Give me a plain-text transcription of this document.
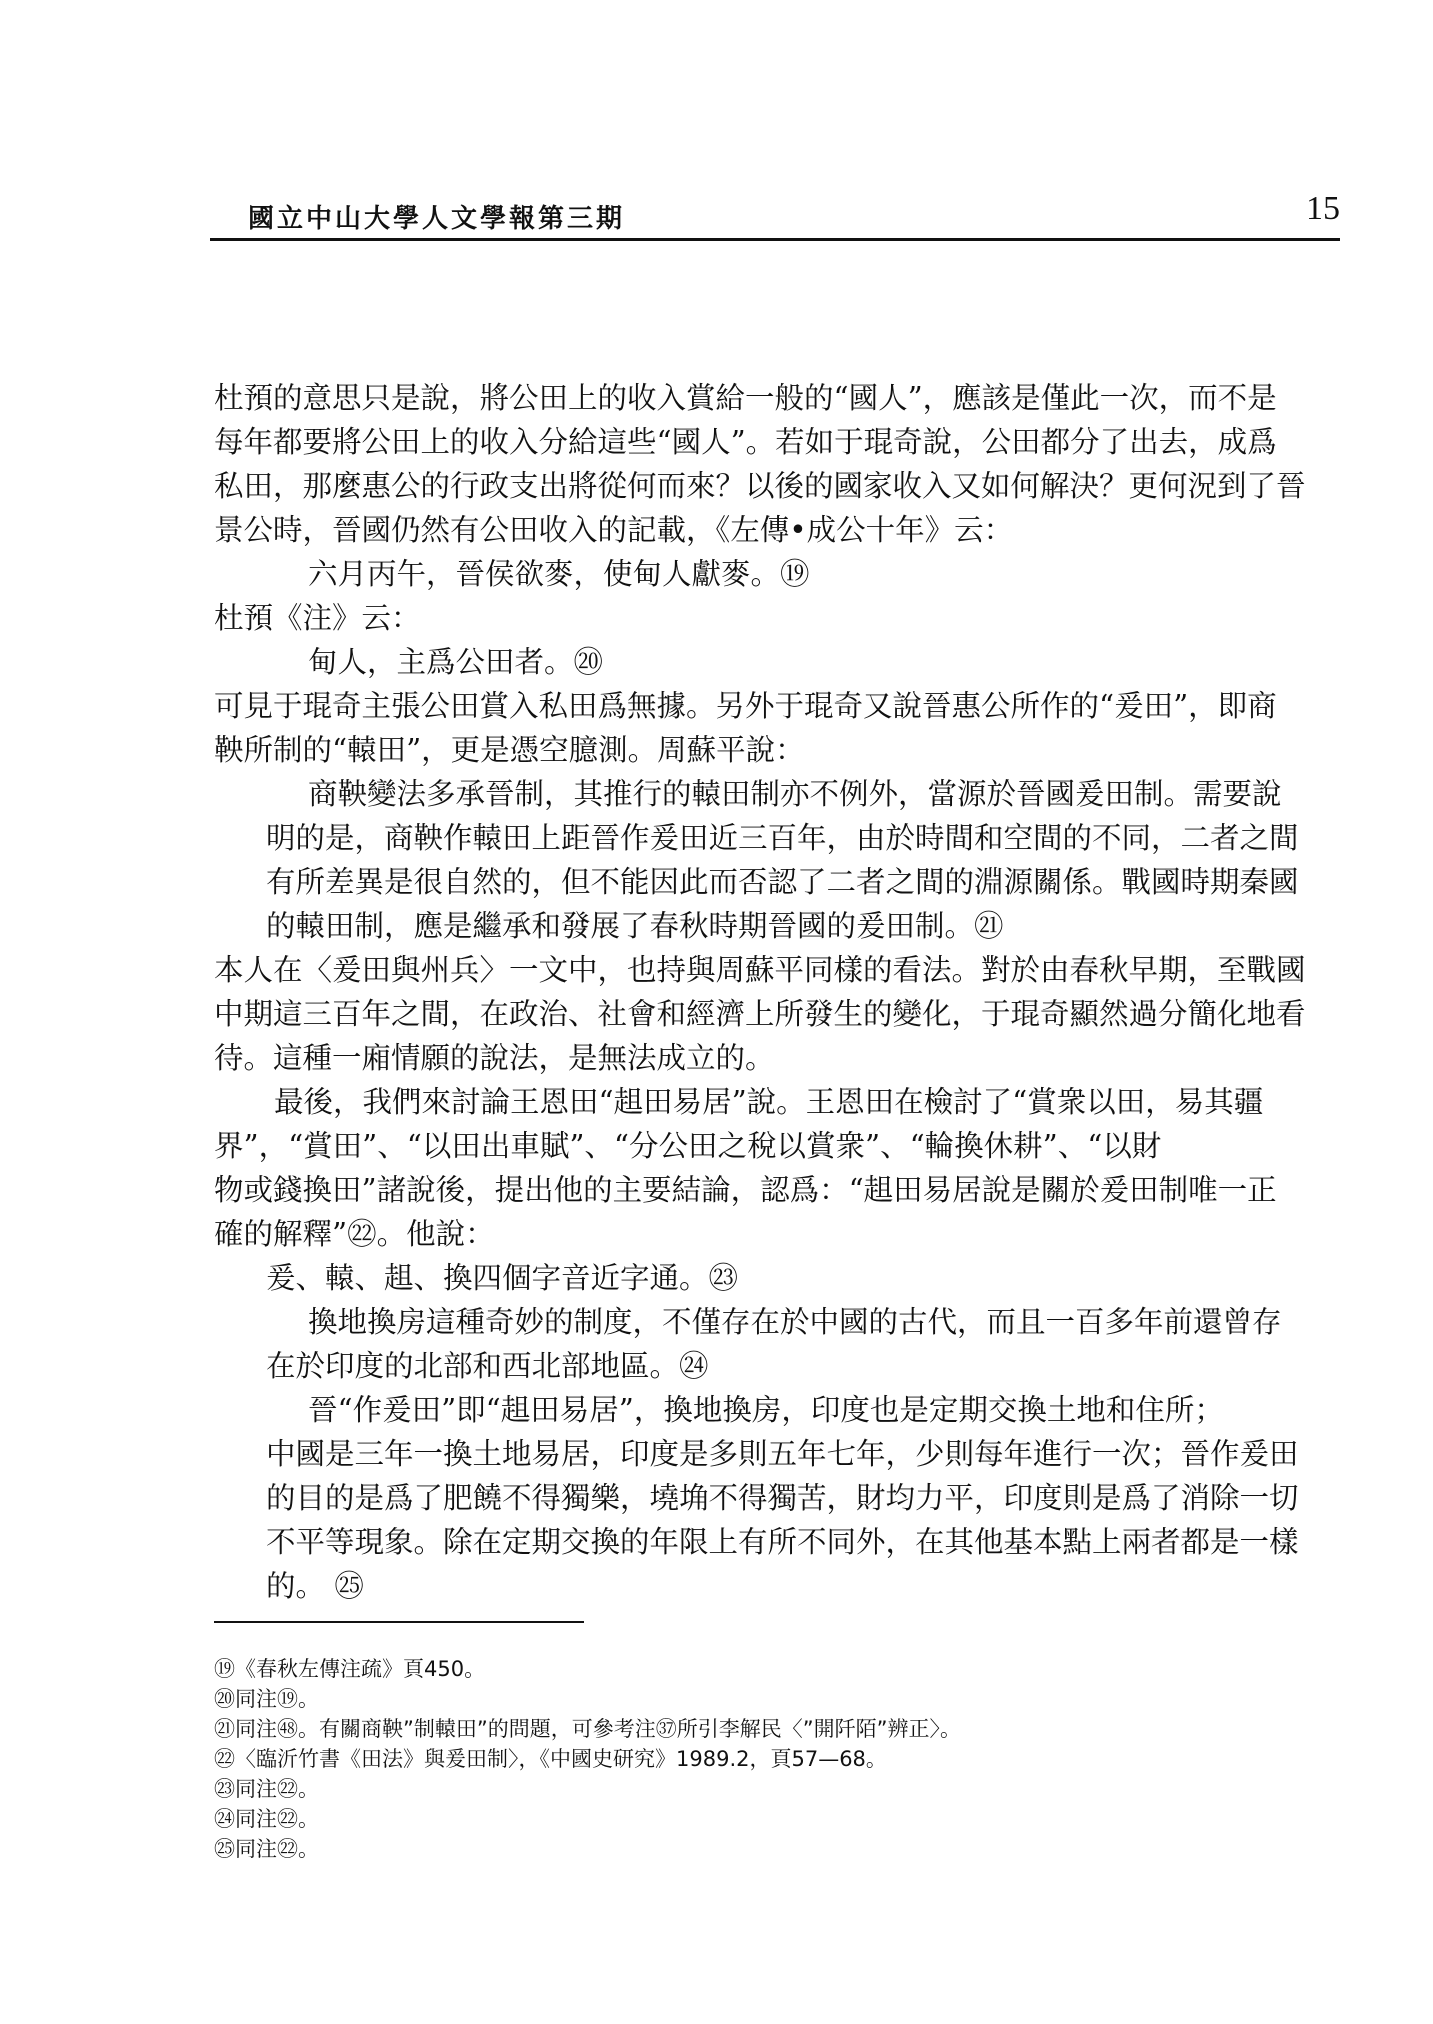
國立中山大學人文學報第三期	15
杜預的意思只是說，將公田上的收入賞給一般的“國人”，應該是僅此一次，而不是
每年都要將公田上的收入分給這些“國人”。若如于琨奇說，公田都分了出去，成爲
私田，那麼惠公的行政支出將從何而來？以後的國家收入又如何解決？更何況到了晉
景公時，晉國仍然有公田收入的記載，《左傳•成公十年》云：
六月丙午，晉侯欲麥，使甸人獻麥。⑲
杜預《注》云：
甸人，主爲公田者。⑳
可見于琨奇主張公田賞入私田爲無據。另外于琨奇又說晉惠公所作的“爰田”，即商
鞅所制的“轅田”，更是憑空臆測。周蘇平說：
商鞅變法多承晉制，其推行的轅田制亦不例外，當源於晉國爰田制。需要說
明的是，商鞅作轅田上距晉作爰田近三百年，由於時間和空間的不同，二者之間
有所差異是很自然的，但不能因此而否認了二者之間的淵源關係。戰國時期秦國
的轅田制，應是繼承和發展了春秋時期晉國的爰田制。㉑
本人在〈爰田與州兵〉一文中，也持與周蘇平同樣的看法。對於由春秋早期，至戰國
中期這三百年之間，在政治、社會和經濟上所發生的變化，于琨奇顯然過分簡化地看
待。這種一廂情願的說法，是無法成立的。
最後，我們來討論王恩田“趄田易居”說。王恩田在檢討了“賞衆以田，易其疆
界”，“賞田”、“以田出車賦”、“分公田之稅以賞衆”、“輪換休耕”、“以財
物或錢換田”諸說後，提出他的主要結論，認爲：“趄田易居說是關於爰田制唯一正
確的解釋”㉒。他說：
爰、轅、趄、換四個字音近字通。㉓
換地換房這種奇妙的制度，不僅存在於中國的古代，而且一百多年前還曾存
在於印度的北部和西北部地區。㉔
晉“作爰田”即“趄田易居”，換地換房，印度也是定期交換土地和住所；
中國是三年一換土地易居，印度是多則五年七年，少則每年進行一次；晉作爰田
的目的是爲了肥饒不得獨樂，墝埆不得獨苦，財均力平，印度則是爲了消除一切
不平等現象。除在定期交換的年限上有所不同外，在其他基本點上兩者都是一樣
的。 ㉕
⑲《春秋左傳注疏》頁450。
⑳同注⑲。
㉑同注㊽。有關商鞅”制轅田”的問題，可參考注㊲所引李解民〈”開阡陌”辨正〉。
㉒〈臨沂竹書《田法》與爰田制〉，《中國史研究》1989.2，頁57—68。
㉓同注㉒。
㉔同注㉒。
㉕同注㉒。
